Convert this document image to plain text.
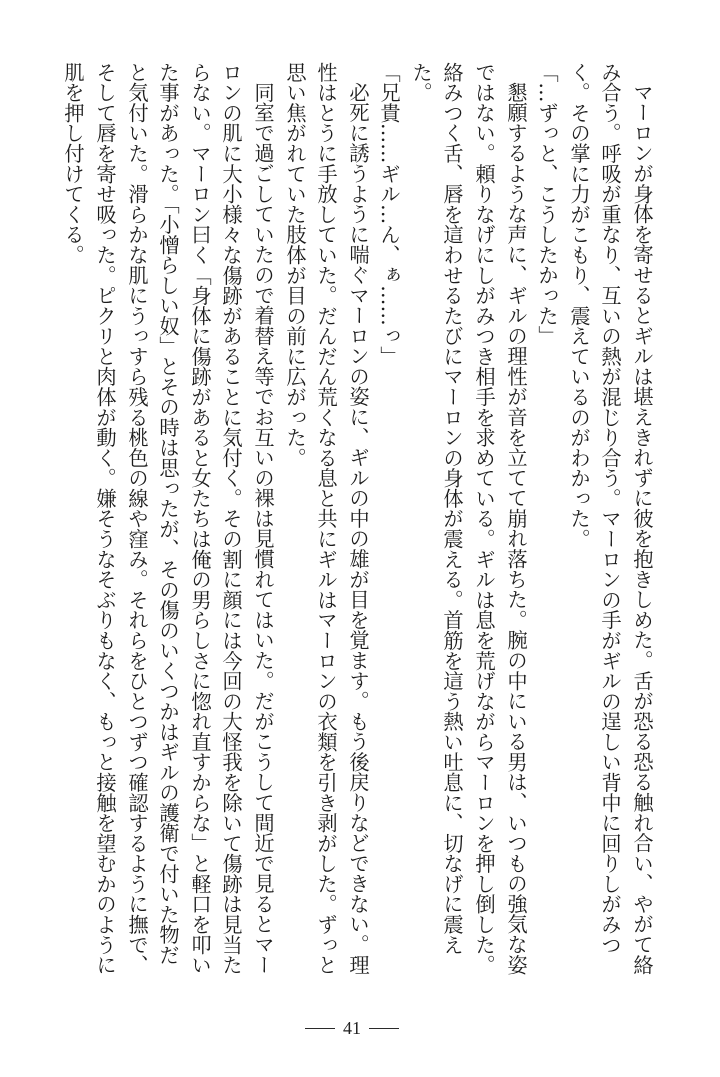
マーロンが身体を寄せるとギルは堪えきれずに彼を抱きしめた。舌が恐る恐る触れ合い、やがて絡
み合う。呼吸が重なり、互いの熱が混じり合う。マーロンの手がギルの逞しい背中に回りしがみつ
く。その掌に力がこもり、震えているのがわかった。
「…ずっと、こうしたかった」
懇願するような声に、ギルの理性が音を立てて崩れ落ちた。腕の中にいる男は、いつもの強気な姿
ではない。頼りなげにしがみつき相手を求めている。ギルは息を荒げながらマーロンを押し倒した。
絡みつく舌、唇を這わせるたびにマーロンの身体が震える。首筋を這う熱い吐息に、切なげに震え
た。
「兄貴……ギル…ん、ぁ……っ」
必死に誘うように喘ぐマーロンの姿に、ギルの中の雄が目を覚ます。もう後戻りなどできない。理
性はとうに手放していた。だんだん荒くなる息と共にギルはマーロンの衣類を引き剥がした。ずっと
思い焦がれていた肢体が目の前に広がった。
同室で過ごしていたので着替え等でお互いの裸は見慣れてはいた。だがこうして間近で見るとマー
ロンの肌に大小様々な傷跡があることに気付く。その割に顔には今回の大怪我を除いて傷跡は見当た
らない。マーロン曰く「身体に傷跡があると女たちは俺の男らしさに惚れ直すからな」と軽口を叩い
た事があった。「小憎らしい奴」とその時は思ったが、その傷のいくつかはギルの護衛で付いた物だ
と気付いた。滑らかな肌にうっすら残る桃色の線や窪み。それらをひとつずつ確認するように撫で、
そして唇を寄せ吸った。ピクリと肉体が動く。嫌そうなそぶりもなく、もっと接触を望むかのように
肌を押し付けてくる。
41
